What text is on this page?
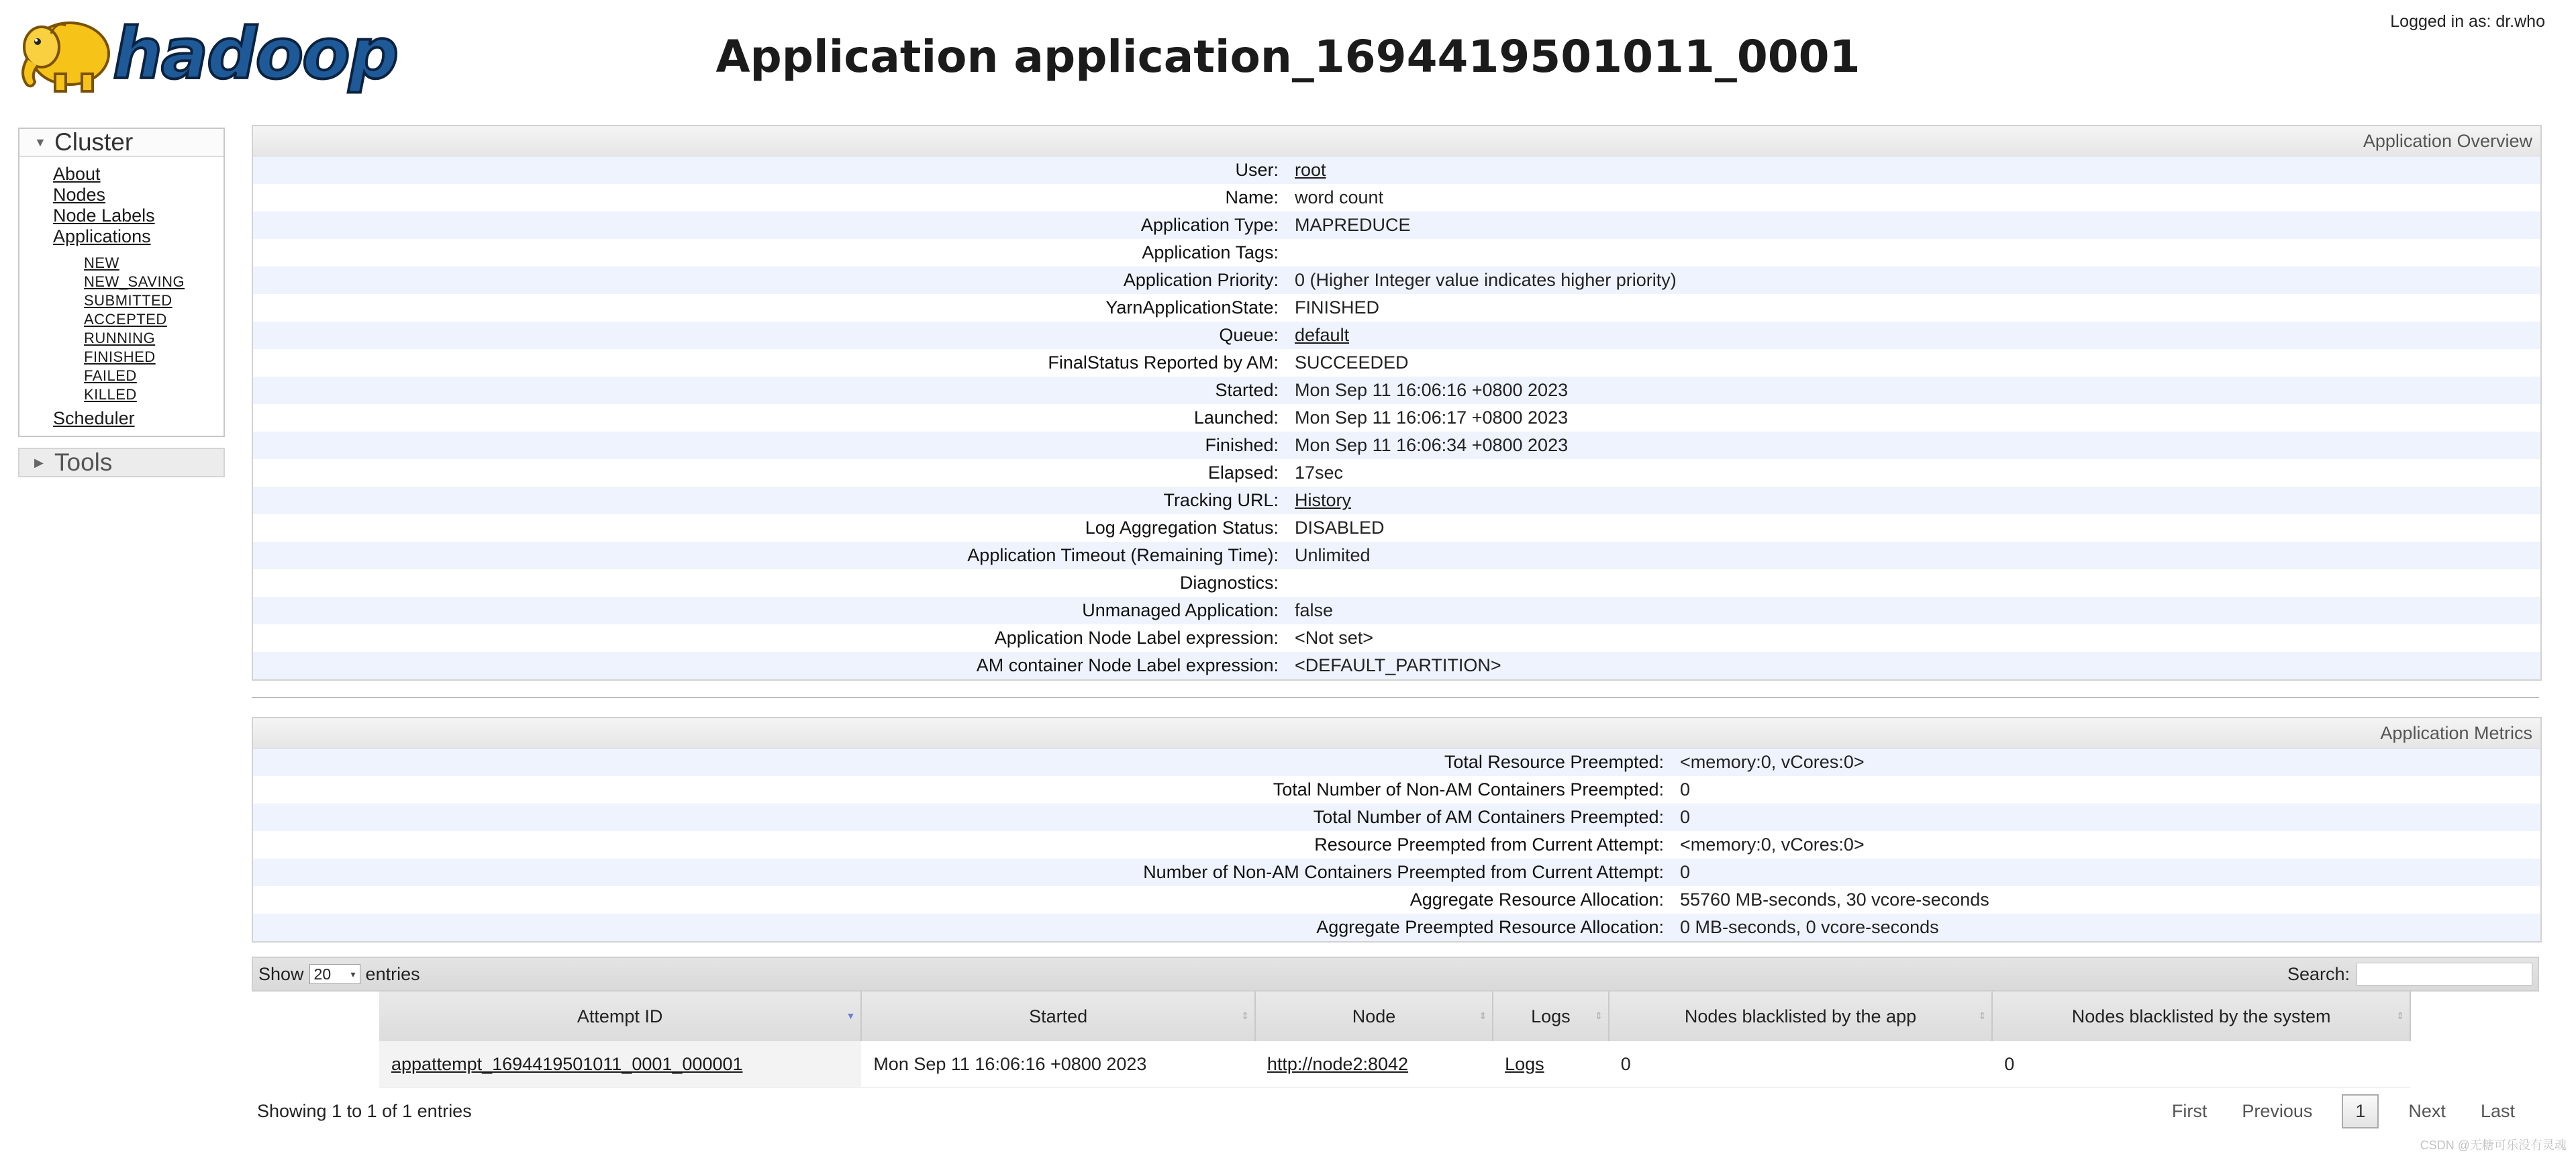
hadoop	Application application_1694419501011_0001
Logged in as: dr.who
▼ Cluster
About
Nodes
Node Labels
Applications
NEW
NEW_SAVING
SUBMITTED
ACCEPTED
RUNNING
FINISHED
FAILED
KILLED
Scheduler
▶ Tools
Application Overview
User: root
Name: word count
Application Type: MAPREDUCE
Application Tags:
Application Priority: 0 (Higher Integer value indicates higher priority)
YarnApplicationState: FINISHED
Queue: default
FinalStatus Reported by AM: SUCCEEDED
Started: Mon Sep 11 16:06:16 +0800 2023
Launched: Mon Sep 11 16:06:17 +0800 2023
Finished: Mon Sep 11 16:06:34 +0800 2023
Elapsed: 17sec
Tracking URL: History
Log Aggregation Status: DISABLED
Application Timeout (Remaining Time): Unlimited
Diagnostics:
Unmanaged Application: false
Application Node Label expression: <Not set>
AM container Node Label expression: <DEFAULT_PARTITION>
Application Metrics
Total Resource Preempted: <memory:0, vCores:0>
Total Number of Non-AM Containers Preempted: 0
Total Number of AM Containers Preempted: 0
Resource Preempted from Current Attempt: <memory:0, vCores:0>
Number of Non-AM Containers Preempted from Current Attempt: 0
Aggregate Resource Allocation: 55760 MB-seconds, 30 vcore-seconds
Aggregate Preempted Resource Allocation: 0 MB-seconds, 0 vcore-seconds
Show 20 ▾ entries	Search:
Attempt ID ▼	Started ⇕	Node ⇕	Logs ⇕	Nodes blacklisted by the app ⇕	Nodes blacklisted by the system ⇕

appattempt_1694419501011_0001_000001	Mon Sep 11 16:06:16 +0800 2023	http://node2:8042	Logs	0	0
Showing 1 to 1 of 1 entries	First Previous	1	Next Last
CSDN @无糖可乐没有灵魂
